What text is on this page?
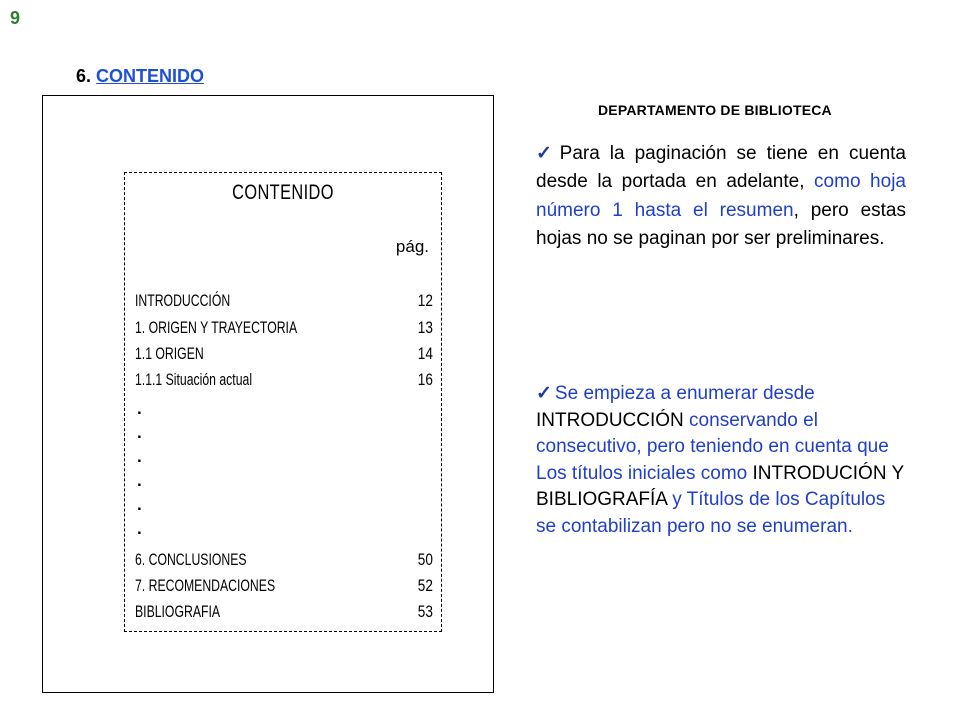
9
6. CONTENIDO
DEPARTAMENTO DE BIBLIOTECA
CONTENIDO
pág.
INTRODUCCIÓN	12
1. ORIGEN Y TRAYECTORIA	13
1.1 ORIGEN	14
1.1.1 Situación actual	16
.
.
.
.
.
.
6. CONCLUSIONES	50
7. RECOMENDACIONES	52
BIBLIOGRAFIA	53
✓ Para la paginación se tiene en cuenta desde la portada en adelante, como hoja número 1 hasta el resumen, pero estas hojas no se paginan por ser preliminares.
✓ Se empieza a enumerar desde INTRODUCCIÓN conservando el consecutivo, pero teniendo en cuenta que Los títulos iniciales como INTRODUCIÓN Y BIBLIOGRAFÍA y Títulos de los Capítulos se contabilizan pero no se enumeran.
